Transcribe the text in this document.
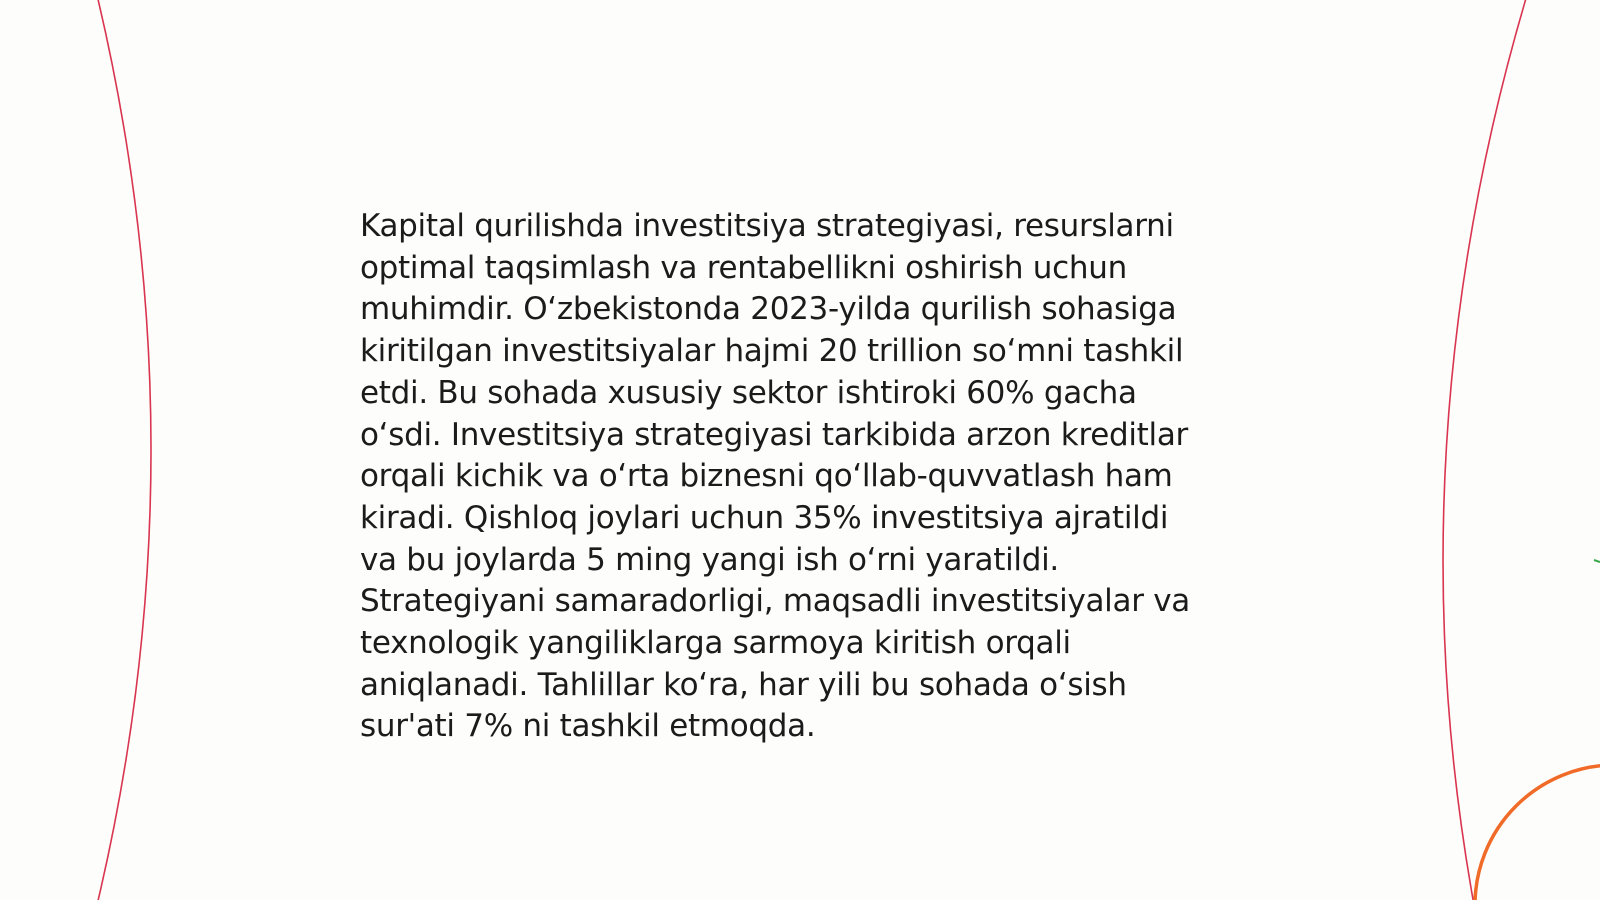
Kapital qurilishda investitsiya strategiyasi, resurslarni
optimal taqsimlash va rentabellikni oshirish uchun
muhimdir. O‘zbekistonda 2023-yilda qurilish sohasiga
kiritilgan investitsiyalar hajmi 20 trillion so‘mni tashkil
etdi. Bu sohada xususiy sektor ishtiroki 60% gacha
o‘sdi. Investitsiya strategiyasi tarkibida arzon kreditlar
orqali kichik va o‘rta biznesni qo‘llab-quvvatlash ham
kiradi. Qishloq joylari uchun 35% investitsiya ajratildi
va bu joylarda 5 ming yangi ish o‘rni yaratildi.
Strategiyani samaradorligi, maqsadli investitsiyalar va
texnologik yangiliklarga sarmoya kiritish orqali
aniqlanadi. Tahlillar ko‘ra, har yili bu sohada o‘sish
sur'ati 7% ni tashkil etmoqda.
